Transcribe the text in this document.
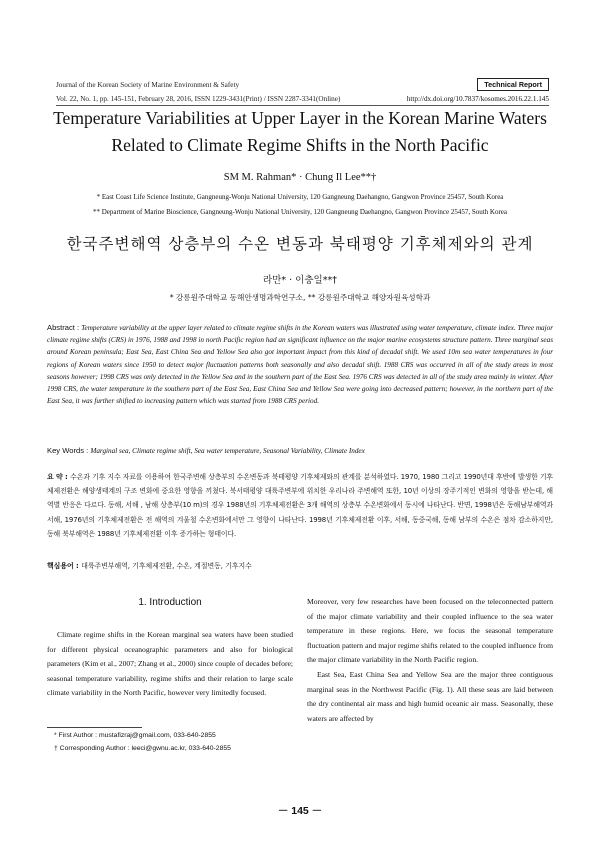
Journal of the Korean Society of Marine Environment & Safety
Vol. 22, No. 1, pp. 145-151, February 28, 2016, ISSN 1229-3431(Print) / ISSN 2287-3341(Online)
Technical Report
http://dx.doi.org/10.7837/kosomes.2016.22.1.145
Temperature Variabilities at Upper Layer in the Korean Marine Waters
Related to Climate Regime Shifts in the North Pacific
SM M. Rahman* · Chung Il Lee**†
* East Coast Life Science Institute, Gangneung-Wonju National University, 120 Gangneung Daehangno, Gangwon Province 25457, South Korea
** Department of Marine Bioscience, Gangneung-Wonju National University, 120 Gangneung Daehangno, Gangwon Province 25457, South Korea
한국주변해역 상층부의 수온 변동과 북태평양 기후체제와의 관계
라만* · 이충일**†
* 강릉원주대학교 동해안생명과학연구소, ** 강릉원주대학교 해양자원육성학과
Abstract : Temperature variability at the upper layer related to climate regime shifts in the Korean waters was illustrated using water temperature, climate index. Three major climate regime shifts (CRS) in 1976, 1988 and 1998 in north Pacific region had an significant influence on the major marine ecosystems structure pattern. Three marginal seas around Korean peninsula; East Sea, East China Sea and Yellow Sea also got important impact from this kind of decadal shift. We used 10m sea water temperatures in four regions of Korean waters since 1950 to detect major fluctuation patterns both seasonally and also decadal shift. 1988 CRS was occurred in all of the study areas in most seasons however; 1998 CRS was only detected in the Yellow Sea and in the southern part of the East Sea. 1976 CRS was detected in all of the study area mainly in winter. After 1998 CRS, the water temperature in the southern part of the East Sea, East China Sea and Yellow Sea were going into decreased pattern; however, in the northern part of the East Sea, it was further shifted to increasing pattern which was started from 1988 CRS period.
Key Words : Marginal sea, Climate regime shift, Sea water temperature, Seasonal Variability, Climate Index
요 약 : 수온과 기후 지수 자료를 이용하여 한국주변해 상층부의 수온변동과 북태평양 기후체제와의 관계를 분석하였다. 1970, 1980 그리고 1990년대 후반에 발생한 기후체제전환은 해양생태계의 구조 변화에 중요한 영향을 끼쳤다. 북서태평양 대륙주변부에 위치한 우리나라 주변해역 또한, 10년 이상의 장주기적인 변화의 영향을 받는데, 해역별 반응은 다르다. 동해, 서해 , 남해 상층부(10 m)의 경우 1988년의 기후체제전환은 3개 해역의 상층부 수온변화에서 동시에 나타난다. 반면, 1998년은 동해남부해역과 서해, 1976년의 기후체제전환은 전 해역의 겨울철 수온변화에서만 그 영향이 나타난다. 1998년 기후체제전환 이후, 서해, 동중국해, 동해 남부의 수온은 점차 감소하지만, 동해 북부해역은 1988년 기후체제전환 이후 증가하는 형태이다.
핵심용어 : 대륙주변부해역, 기후체제전환, 수온, 계절변동, 기후지수
1. Introduction

Climate regime shifts in the Korean marginal sea waters have been studied for different physical oceanographic parameters and also for biological parameters (Kim et al., 2007; Zhang et al., 2000) since couple of decades before; seasonal temperature variability, regime shifts and their relation to large scale climate variability in the North Pacific, however very limitedly focused.

Moreover, very few researches have been focused on the teleconnected pattern of the major climate variability and their coupled influence to the sea water temperature in these regions. Here, we focus the seasonal temperature fluctuation pattern and major regime shifts related to the coupled influence from the major climate variability in the North Pacific region.

East Sea, East China Sea and Yellow Sea are the major three contiguous marginal seas in the Northwest Pacific (Fig. 1). All these seas are laid between the dry continental air mass and high humid oceanic air mass. Seasonally, these waters are affected by

* First Author : mustafizraj@gmail.com, 033-640-2855
† Corresponding Author : leeci@gwnu.ac.kr, 033-640-2855
－ 145 －
